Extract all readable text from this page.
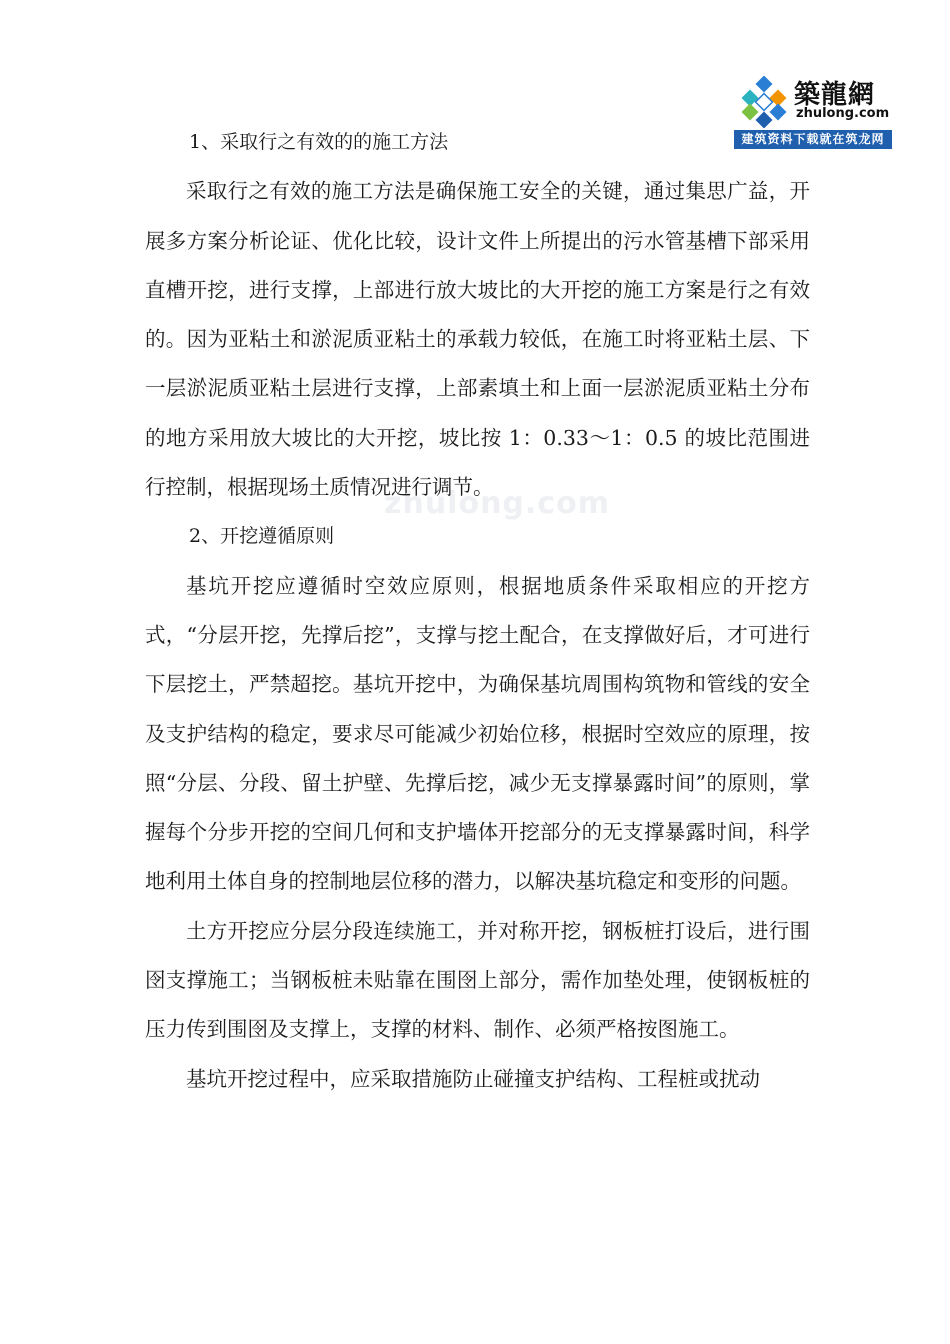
築龍網
zhulong.com
建筑资料下载就在筑龙网
zhulong.com

1、采取行之有效的的施工方法

采取行之有效的施工方法是确保施工安全的关键，通过集思广益，开展多方案分析论证、优化比较，设计文件上所提出的污水管基槽下部采用直槽开挖，进行支撑，上部进行放大坡比的大开挖的施工方案是行之有效的。因为亚粘土和淤泥质亚粘土的承载力较低，在施工时将亚粘土层、下一层淤泥质亚粘土层进行支撑，上部素填土和上面一层淤泥质亚粘土分布的地方采用放大坡比的大开挖，坡比按 1：0.33～1：0.5 的坡比范围进行控制，根据现场土质情况进行调节。

2、开挖遵循原则

基坑开挖应遵循时空效应原则，根据地质条件采取相应的开挖方式，“分层开挖，先撑后挖”，支撑与挖土配合，在支撑做好后，才可进行下层挖土，严禁超挖。基坑开挖中，为确保基坑周围构筑物和管线的安全及支护结构的稳定，要求尽可能减少初始位移，根据时空效应的原理，按照“分层、分段、留土护壁、先撑后挖，减少无支撑暴露时间”的原则，掌握每个分步开挖的空间几何和支护墙体开挖部分的无支撑暴露时间，科学地利用土体自身的控制地层位移的潜力，以解决基坑稳定和变形的问题。

土方开挖应分层分段连续施工，并对称开挖，钢板桩打设后，进行围囹支撑施工；当钢板桩未贴靠在围囹上部分，需作加垫处理，使钢板桩的压力传到围囹及支撑上，支撑的材料、制作、必须严格按图施工。

基坑开挖过程中，应采取措施防止碰撞支护结构、工程桩或扰动
